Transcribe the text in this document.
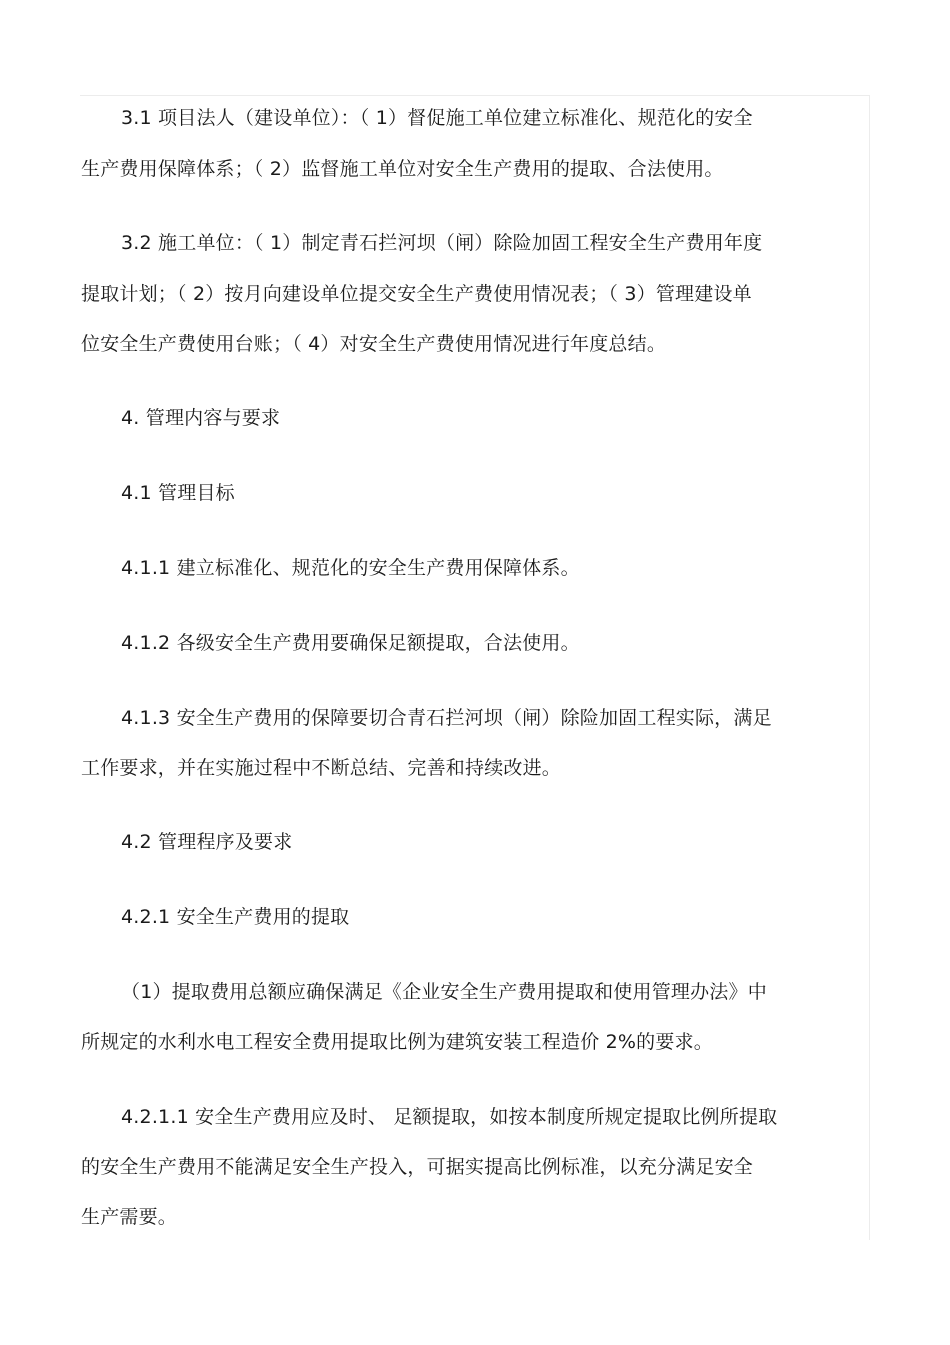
3.1 项目法人（建设单位）：（ 1）督促施工单位建立标准化、规范化的安全
生产费用保障体系；（ 2）监督施工单位对安全生产费用的提取、合法使用。
3.2 施工单位：（ 1）制定青石拦河坝（闸）除险加固工程安全生产费用年度
提取计划；（ 2）按月向建设单位提交安全生产费使用情况表；（ 3）管理建设单
位安全生产费使用台账；（ 4）对安全生产费使用情况进行年度总结。
4. 管理内容与要求
4.1 管理目标
4.1.1 建立标准化、规范化的安全生产费用保障体系。
4.1.2 各级安全生产费用要确保足额提取，合法使用。
4.1.3 安全生产费用的保障要切合青石拦河坝（闸）除险加固工程实际，满足
工作要求，并在实施过程中不断总结、完善和持续改进。
4.2 管理程序及要求
4.2.1 安全生产费用的提取
（1）提取费用总额应确保满足《企业安全生产费用提取和使用管理办法》中
所规定的水利水电工程安全费用提取比例为建筑安装工程造价 2%的要求。
4.2.1.1 安全生产费用应及时、 足额提取，如按本制度所规定提取比例所提取
的安全生产费用不能满足安全生产投入，可据实提高比例标准，以充分满足安全
生产需要。
